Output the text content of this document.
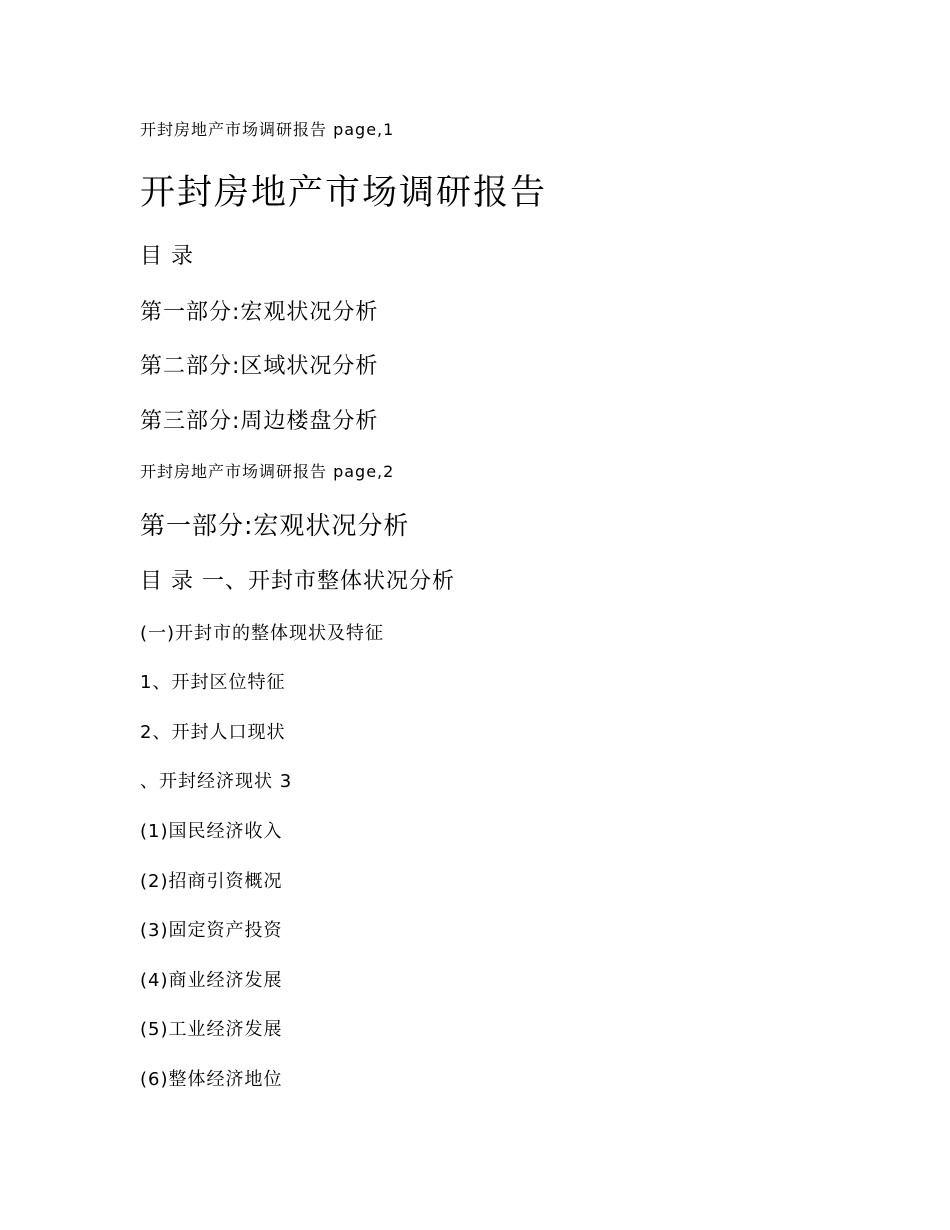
开封房地产市场调研报告 page,1
开封房地产市场调研报告
目 录
第一部分:宏观状况分析
第二部分:区域状况分析
第三部分:周边楼盘分析
开封房地产市场调研报告 page,2
第一部分:宏观状况分析
目 录 一、开封市整体状况分析
(一)开封市的整体现状及特征
1、开封区位特征
2、开封人口现状
、开封经济现状 3
(1)国民经济收入
(2)招商引资概况
(3)固定资产投资
(4)商业经济发展
(5)工业经济发展
(6)整体经济地位
